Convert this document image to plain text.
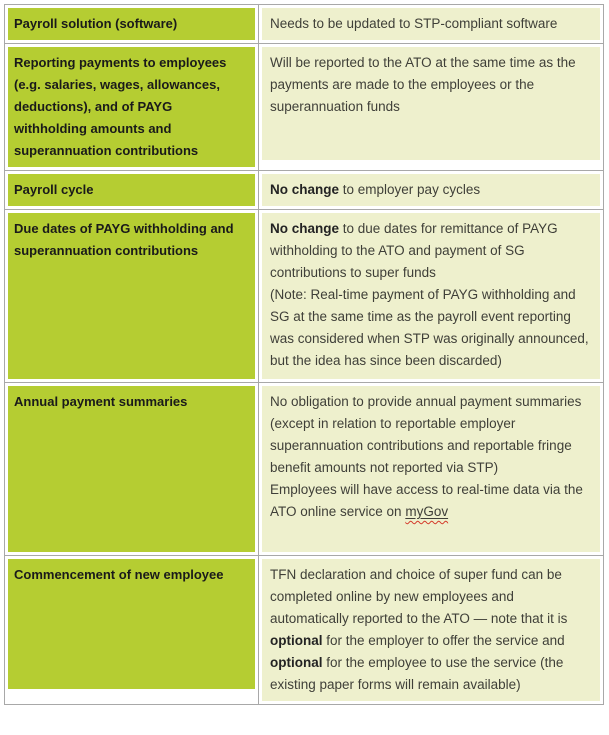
Payroll solution (software)	Needs to be updated to STP-compliant software

Reporting payments to employees (e.g. salaries, wages, allowances, deductions), and of PAYG withholding amounts and superannuation contributions	Will be reported to the ATO at the same time as the payments are made to the employees or the superannuation funds

Payroll cycle	No change to employer pay cycles

Due dates of PAYG withholding and superannuation contributions	No change to due dates for remittance of PAYG withholding to the ATO and payment of SG contributions to super funds
(Note: Real-time payment of PAYG withholding and SG at the same time as the payroll event reporting was considered when STP was originally announced, but the idea has since been discarded)

Annual payment summaries	No obligation to provide annual payment summaries (except in relation to reportable employer superannuation contributions and reportable fringe benefit amounts not reported via STP)
Employees will have access to real-time data via the ATO online service on myGov

Commencement of new employee	TFN declaration and choice of super fund can be completed online by new employees and automatically reported to the ATO — note that it is optional for the employer to offer the service and optional for the employee to use the service (the existing paper forms will remain available)
